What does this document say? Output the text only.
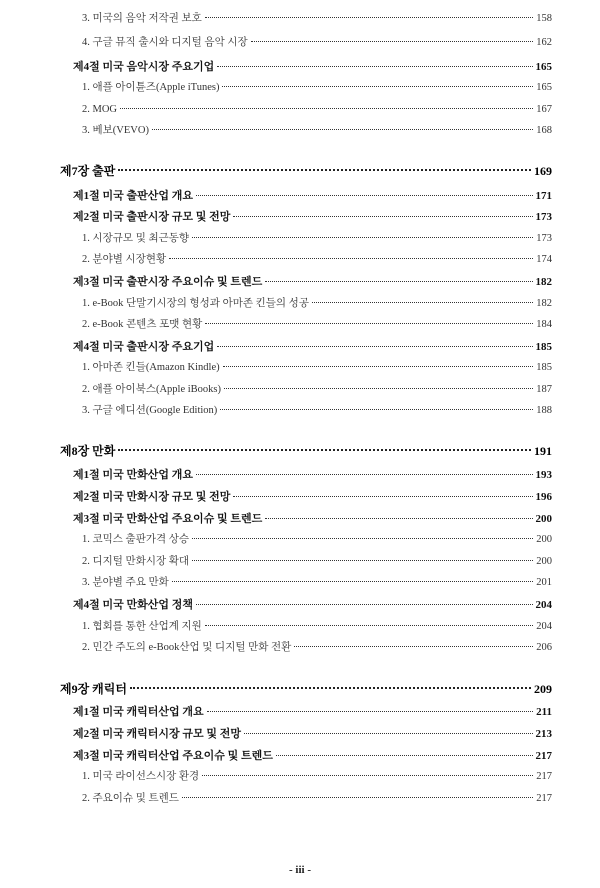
3. 미국의 음악 저작권 보호	158
4. 구글 뮤직 출시와 디지털 음악 시장	162
제4절 미국 음악시장 주요기업	165
1. 애플 아이튠즈(Apple iTunes)	165
2. MOG	167
3. 베보(VEVO)	168
제7장 출판	169
제1절 미국 출판산업 개요	171
제2절 미국 출판시장 규모 및 전망	173
1. 시장규모 및 최근동향	173
2. 분야별 시장현황	174
제3절 미국 출판시장 주요이슈 및 트렌드	182
1. e-Book 단말기시장의 형성과 아마존 킨들의 성공	182
2. e-Book 콘텐츠 포맷 현황	184
제4절 미국 출판시장 주요기업	185
1. 아마존 킨들(Amazon Kindle)	185
2. 애플 아이북스(Apple iBooks)	187
3. 구글 에디션(Google Edition)	188
제8장 만화	191
제1절 미국 만화산업 개요	193
제2절 미국 만화시장 규모 및 전망	196
제3절 미국 만화산업 주요이슈 및 트렌드	200
1. 코믹스 출판가격 상승	200
2. 디지털 만화시장 확대	200
3. 분야별 주요 만화	201
제4절 미국 만화산업 정책	204
1. 협회를 통한 산업계 지원	204
2. 민간 주도의 e-Book산업 및 디지털 만화 전환	206
제9장 캐릭터	209
제1절 미국 캐릭터산업 개요	211
제2절 미국 캐릭터시장 규모 및 전망	213
제3절 미국 캐릭터산업 주요이슈 및 트렌드	217
1. 미국 라이선스시장 환경	217
2. 주요이슈 및 트렌드	217
- iii -
